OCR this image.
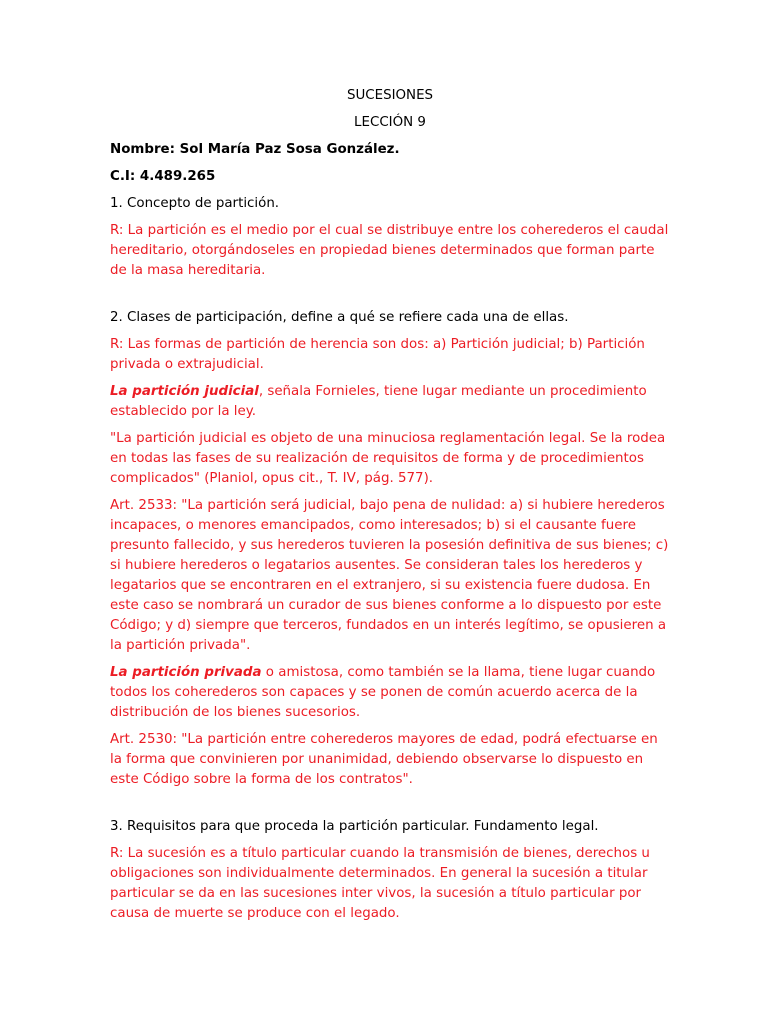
SUCESIONES
LECCIÓN 9
Nombre: Sol María Paz Sosa González.
C.I: 4.489.265
1. Concepto de partición.
R: La partición es el medio por el cual se distribuye entre los coherederos el caudal hereditario, otorgándoseles en propiedad bienes determinados que forman parte de la masa hereditaria.
2. Clases de participación, define a qué se refiere cada una de ellas.
R: Las formas de partición de herencia son dos: a) Partición judicial; b) Partición privada o extrajudicial.
La partición judicial, señala Fornieles, tiene lugar mediante un procedimiento establecido por la ley.
"La partición judicial es objeto de una minuciosa reglamentación legal. Se la rodea en todas las fases de su realización de requisitos de forma y de procedimientos complicados" (Planiol, opus cit., T. IV, pág. 577).
Art. 2533: "La partición será judicial, bajo pena de nulidad: a) si hubiere herederos incapaces, o menores emancipados, como interesados; b) si el causante fuere presunto fallecido, y sus herederos tuvieren la posesión definitiva de sus bienes; c) si hubiere herederos o legatarios ausentes. Se consideran tales los herederos y legatarios que se encontraren en el extranjero, si su existencia fuere dudosa. En este caso se nombrará un curador de sus bienes conforme a lo dispuesto por este Código; y d) siempre que terceros, fundados en un interés legítimo, se opusieren a la partición privada".
La partición privada o amistosa, como también se la llama, tiene lugar cuando todos los coherederos son capaces y se ponen de común acuerdo acerca de la distribución de los bienes sucesorios.
Art. 2530: "La partición entre coherederos mayores de edad, podrá efectuarse en la forma que convinieren por unanimidad, debiendo observarse lo dispuesto en este Código sobre la forma de los contratos".
3. Requisitos para que proceda la partición particular. Fundamento legal.
R: La sucesión es a título particular cuando la transmisión de bienes, derechos u obligaciones son individualmente determinados. En general la sucesión a titular particular se da en las sucesiones inter vivos, la sucesión a título particular por causa de muerte se produce con el legado.
